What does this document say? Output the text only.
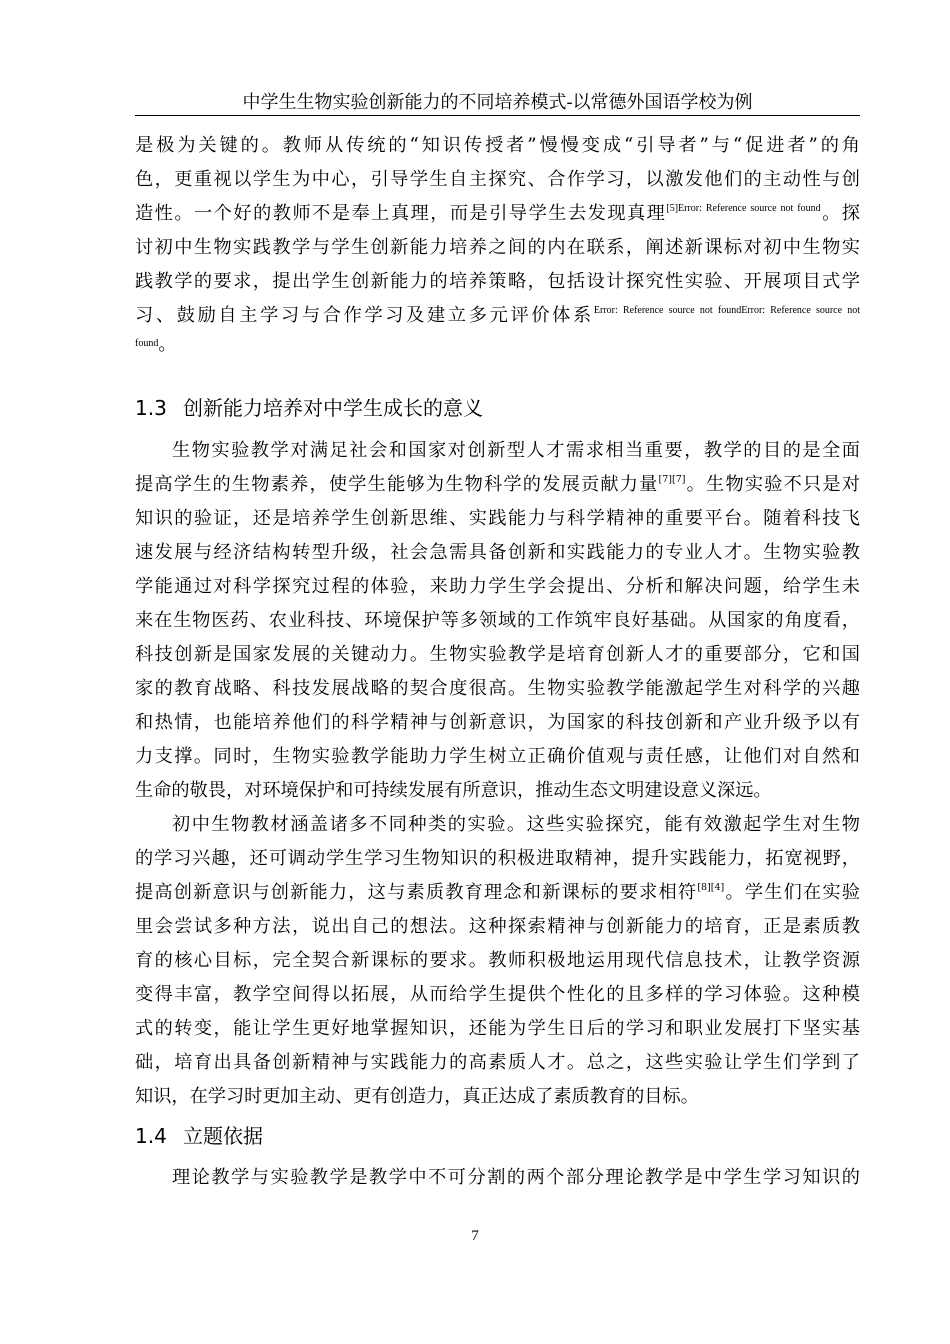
中学生生物实验创新能力的不同培养模式-以常德外国语学校为例
是极为关键的。教师从传统的“知识传授者”慢慢变成“引导者”与“促进者”的角
色，更重视以学生为中心，引导学生自主探究、合作学习，以激发他们的主动性与创
造性。一个好的教师不是奉上真理，而是引导学生去发现真理$^{[5]Error: Reference source not found}$。探
讨初中生物实践教学与学生创新能力培养之间的内在联系，阐述新课标对初中生物实
践教学的要求，提出学生创新能力的培养策略，包括设计探究性实验、开展项目式学
习、鼓励自主学习与合作学习及建立多元评价体系$^{Error: Reference source not foundError: Reference source not}$
$^{found}$。
1.3 创新能力培养对中学生成长的意义
生物实验教学对满足社会和国家对创新型人才需求相当重要，教学的目的是全面
提高学生的生物素养，使学生能够为生物科学的发展贡献力量[7][7]。生物实验不只是对
知识的验证，还是培养学生创新思维、实践能力与科学精神的重要平台。随着科技飞
速发展与经济结构转型升级，社会急需具备创新和实践能力的专业人才。生物实验教
学能通过对科学探究过程的体验，来助力学生学会提出、分析和解决问题，给学生未
来在生物医药、农业科技、环境保护等多领域的工作筑牢良好基础。从国家的角度看，
科技创新是国家发展的关键动力。生物实验教学是培育创新人才的重要部分，它和国
家的教育战略、科技发展战略的契合度很高。生物实验教学能激起学生对科学的兴趣
和热情，也能培养他们的科学精神与创新意识，为国家的科技创新和产业升级予以有
力支撑。同时，生物实验教学能助力学生树立正确价值观与责任感，让他们对自然和
生命的敬畏，对环境保护和可持续发展有所意识，推动生态文明建设意义深远。
初中生物教材涵盖诸多不同种类的实验。这些实验探究，能有效激起学生对生物
的学习兴趣，还可调动学生学习生物知识的积极进取精神，提升实践能力，拓宽视野，
提高创新意识与创新能力，这与素质教育理念和新课标的要求相符[8][4]。学生们在实验
里会尝试多种方法，说出自己的想法。这种探索精神与创新能力的培育，正是素质教
育的核心目标，完全契合新课标的要求。教师积极地运用现代信息技术，让教学资源
变得丰富，教学空间得以拓展，从而给学生提供个性化的且多样的学习体验。这种模
式的转变，能让学生更好地掌握知识，还能为学生日后的学习和职业发展打下坚实基
础，培育出具备创新精神与实践能力的高素质人才。总之，这些实验让学生们学到了
知识，在学习时更加主动、更有创造力，真正达成了素质教育的目标。
1.4 立题依据
理论教学与实验教学是教学中不可分割的两个部分理论教学是中学生学习知识的
7
